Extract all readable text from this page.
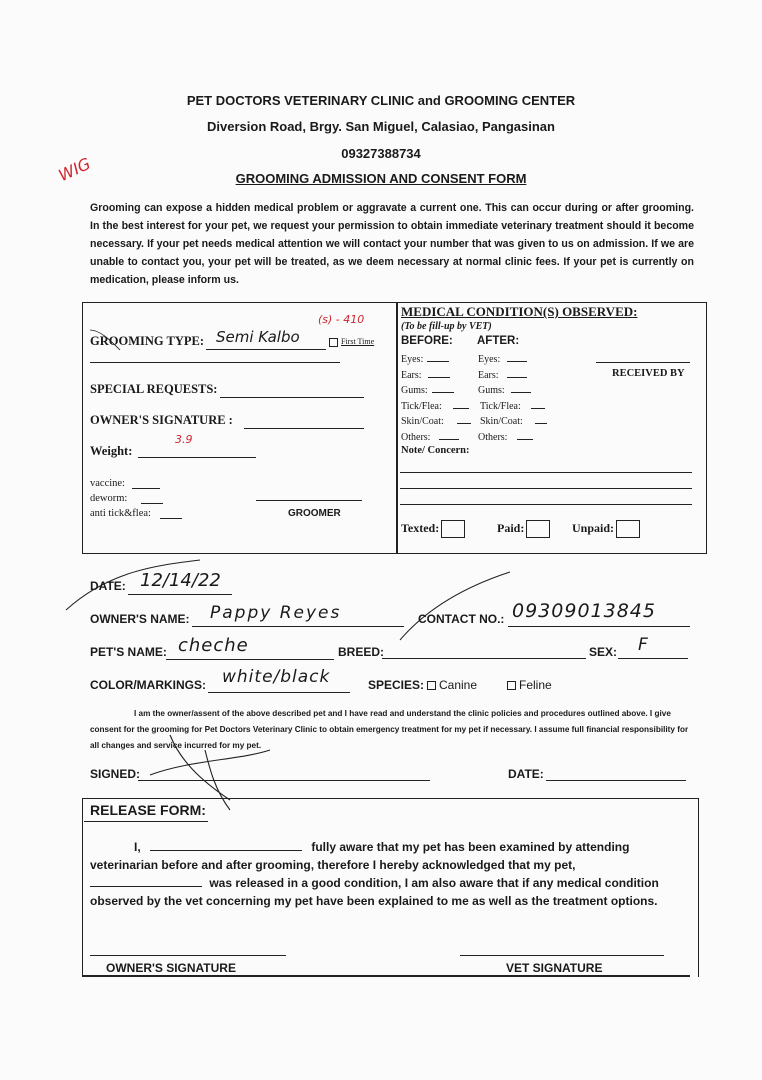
PET DOCTORS VETERINARY CLINIC and GROOMING CENTER
Diversion Road, Brgy. San Miguel, Calasiao, Pangasinan
09327388734
GROOMING ADMISSION AND CONSENT FORM
WIG
Grooming can expose a hidden medical problem or aggravate a current one. This can occur during or after grooming. In the best interest for your pet, we request your permission to obtain immediate veterinary treatment should it become necessary. If your pet needs medical attention we will contact your number that was given to us on admission. If we are unable to contact you, your pet will be treated, as we deem necessary at normal clinic fees. If your pet is currently on medication, please inform us.
GROOMING TYPE: Semi Kalbo
(s) - 410
First Time
SPECIAL REQUESTS:
OWNER'S SIGNATURE :
Weight:
3.9
vaccine:
deworm:
anti tick&flea:	GROOMER
MEDICAL CONDITION(S) OBSERVED:
(To be fill-up by VET)
BEFORE: AFTER:
Eyes:	Eyes:
Ears:	Ears:
Gums:	Gums:
Tick/Flea:	Tick/Flea:
Skin/Coat:	Skin/Coat:
Others:	Others:
RECEIVED BY
Note/ Concern:
Texted:	Paid:	Unpaid:
DATE: 12/14/22
OWNER'S NAME: Pappy Reyes	CONTACT NO.: 09309013845
PET'S NAME: cheche	BREED:	SEX: F
COLOR/MARKINGS: white/black	SPECIES:	Canine	Feline
I am the owner/assent of the above described pet and I have read and understand the clinic policies and procedures outlined above. I give consent for the grooming for Pet Doctors Veterinary Clinic to obtain emergency treatment for my pet if necessary. I assume full financial responsibility for all changes and service incurred for my pet.
SIGNED:	DATE:
RELEASE FORM:
I,	fully aware that my pet has been examined by attending
veterinarian before and after grooming, therefore I hereby acknowledged that my pet,
was released in a good condition, I am also aware that if any medical condition
observed by the vet concerning my pet have been explained to me as well as the treatment options.
OWNER'S SIGNATURE	VET SIGNATURE
